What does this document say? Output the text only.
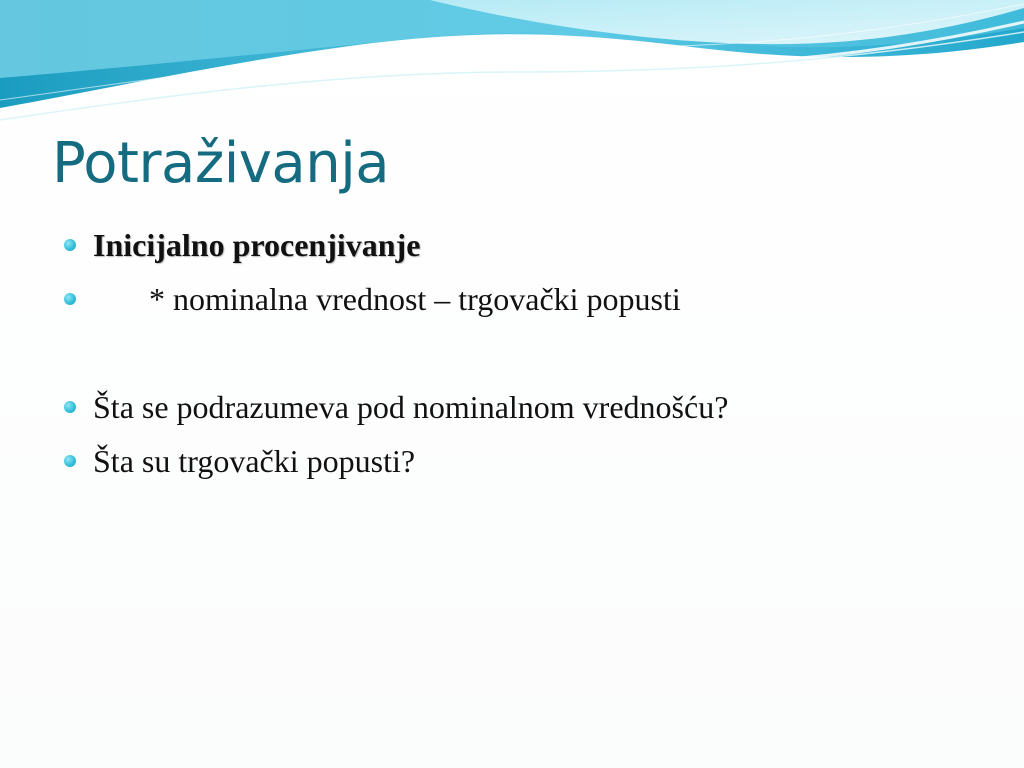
Potraživanja
Inicijalno procenjivanje
* nominalna vrednost – trgovački popusti
Šta se podrazumeva pod nominalnom vrednošću?
Šta su trgovački popusti?
